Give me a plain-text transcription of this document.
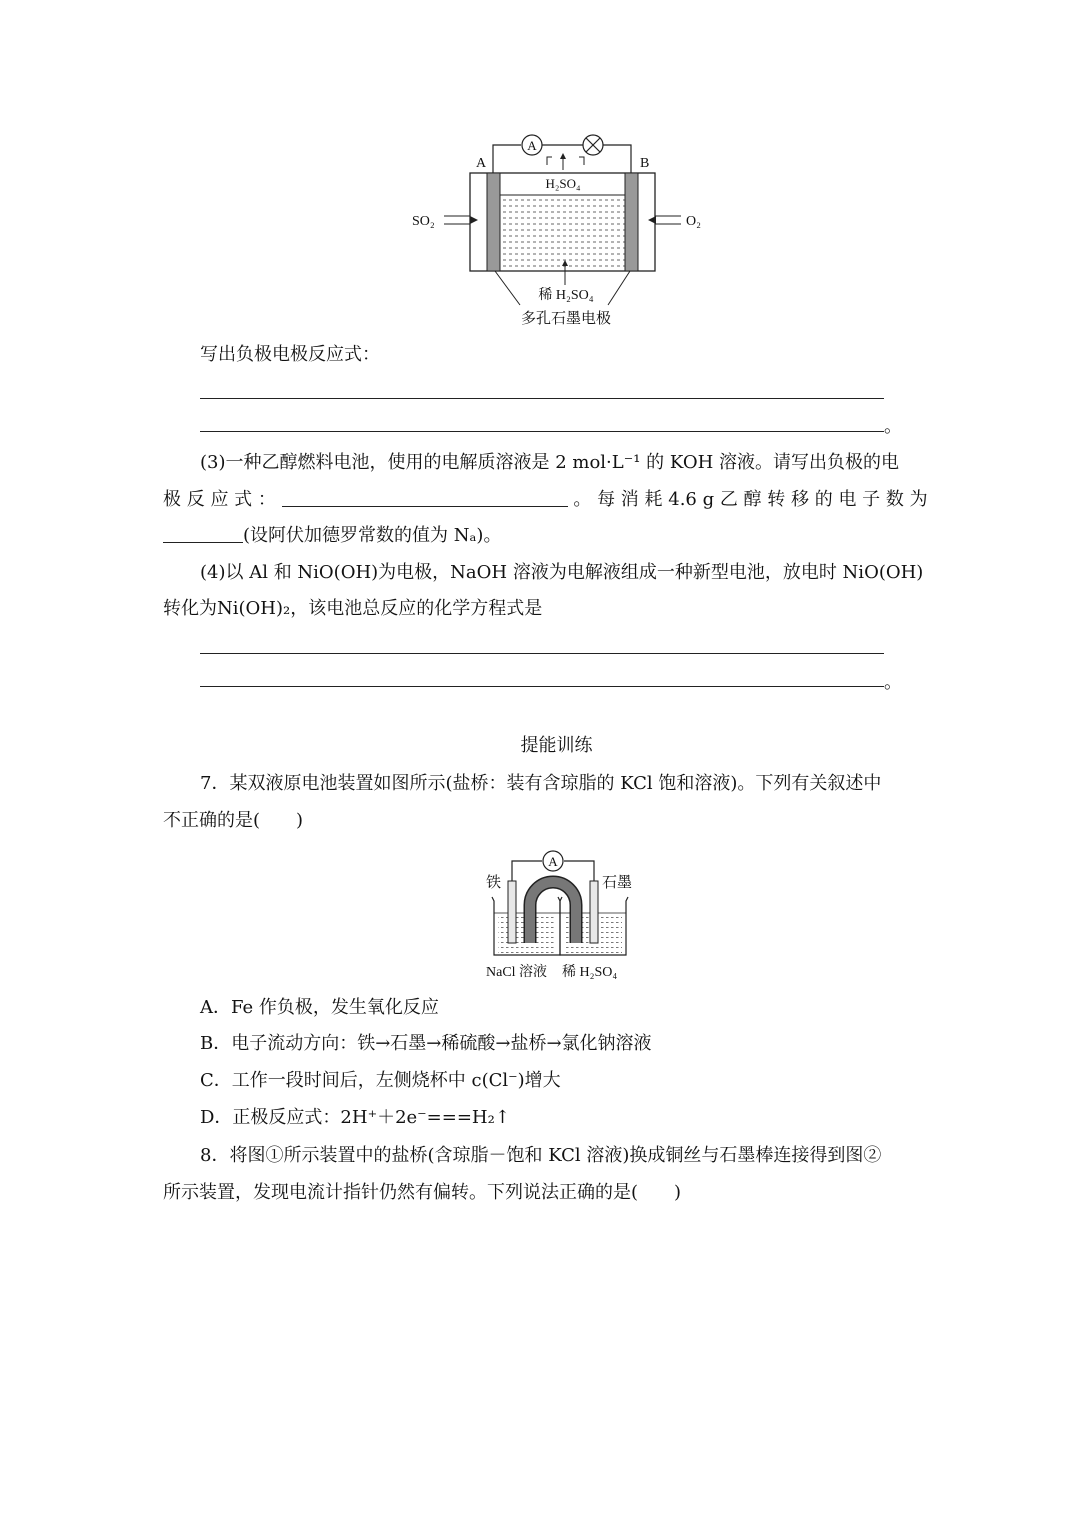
A
A	B
H₂SO₄
SO₂	O₂
稀 H₂SO₄
多孔石墨电极
写出负极电极反应式：
。
(3)一种乙醇燃料电池，使用的电解质溶液是 2 mol·L⁻¹ 的 KOH 溶液。请写出负极的电
极 反 应 式 ：	。 每 消 耗 4.6 g 乙 醇 转 移 的 电 子 数 为
(设阿伏加德罗常数的值为 Nₐ)。
(4)以 Al 和 NiO(OH)为电极，NaOH 溶液为电解液组成一种新型电池，放电时 NiO(OH)
转化为Ni(OH)₂，该电池总反应的化学方程式是
。
提能训练
7．某双液原电池装置如图所示(盐桥：装有含琼脂的 KCl 饱和溶液)。下列有关叙述中
不正确的是(　　)
A
铁	石墨
NaCl 溶液 稀 H₂SO₄
A．Fe 作负极，发生氧化反应
B．电子流动方向：铁→石墨→稀硫酸→盐桥→氯化钠溶液
C．工作一段时间后，左侧烧杯中 c(Cl⁻)增大
D．正极反应式：2H⁺＋2e⁻===H₂↑
8．将图①所示装置中的盐桥(含琼脂－饱和 KCl 溶液)换成铜丝与石墨棒连接得到图②
所示装置，发现电流计指针仍然有偏转。下列说法正确的是(　　)
